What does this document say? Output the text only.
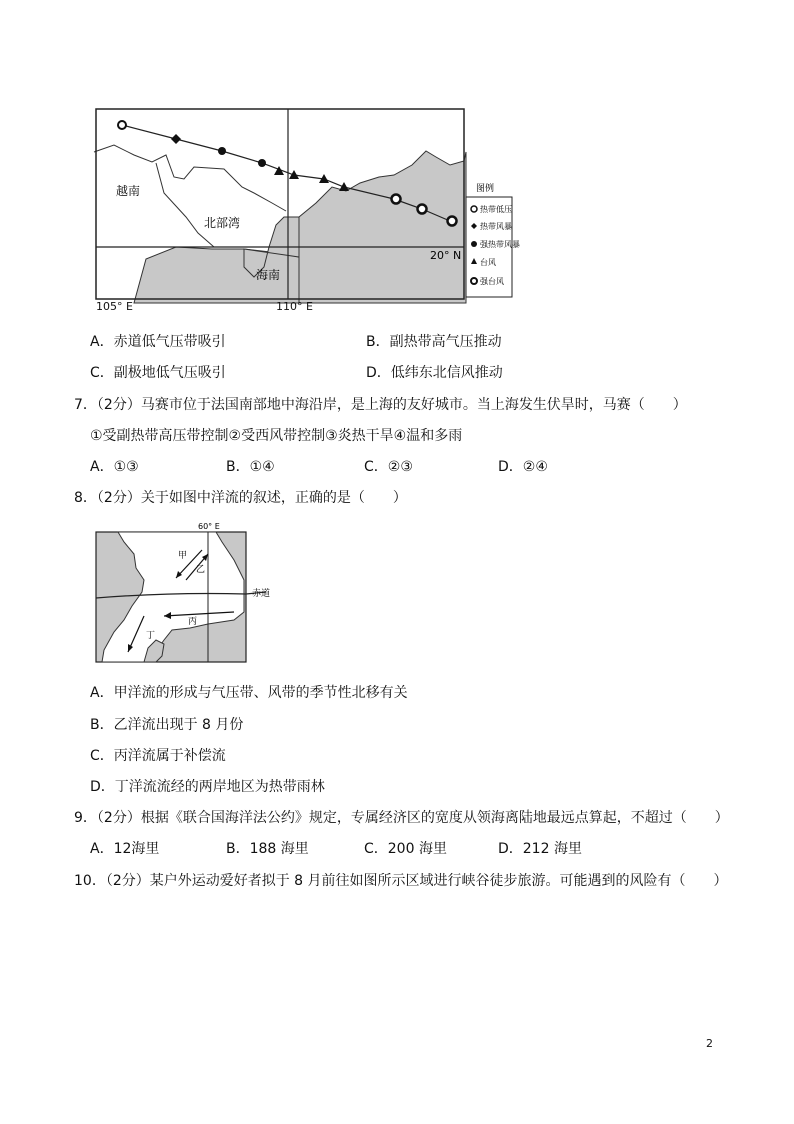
越南
北部湾
海南
20° N
图例
热带低压
热带风暴
强热带风暴
台风
强台风
105° E	110° E
A．赤道低气压带吸引	B．副热带高气压推动
C．副极地低气压吸引	D．低纬东北信风推动
7．（2分）马赛市位于法国南部地中海沿岸，是上海的友好城市。当上海发生伏旱时，马赛（　　）
①受副热带高压带控制②受西风带控制③炎热干旱④温和多雨
A．①③	B．①④	C．②③	D．②④
8．（2分）关于如图中洋流的叙述，正确的是（　　）
60° E
赤道
甲
乙
丙
丁
A．甲洋流的形成与气压带、风带的季节性北移有关
B．乙洋流出现于 8 月份
C．丙洋流属于补偿流
D．丁洋流流经的两岸地区为热带雨林
9．（2分）根据《联合国海洋法公约》规定，专属经济区的宽度从领海离陆地最远点算起，不超过（　　）
A．12海里	B．188 海里	C．200 海里	D．212 海里
10．（2分）某户外运动爱好者拟于 8 月前往如图所示区域进行峡谷徒步旅游。可能遇到的风险有（　　）
2
